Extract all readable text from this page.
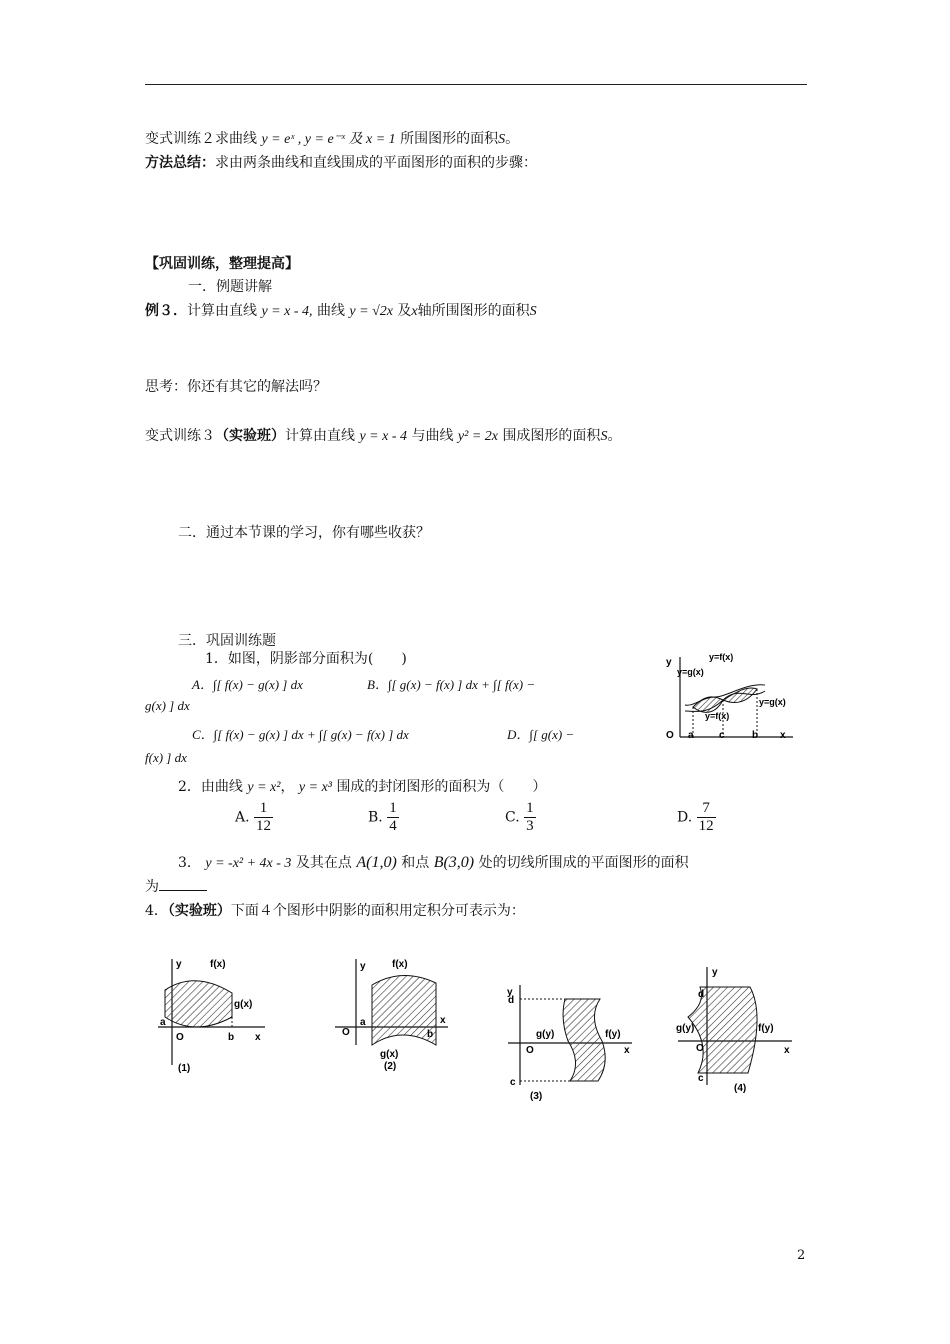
变式训练２求曲线 y = eˣ , y = e⁻ˣ 及 x = 1 所围图形的面积S。
方法总结：求由两条曲线和直线围成的平面图形的面积的步骤：
【巩固训练，整理提高】
一．例题讲解
例３．计算由直线 y = x - 4, 曲线 y = √2x 及x轴所围图形的面积S
思考：你还有其它的解法吗？
变式训练３（实验班）计算由直线 y = x - 4 与曲线 y² = 2x 围成图形的面积S。
二．通过本节课的学习，你有哪些收获？
三．巩固训练题
1．如图，阴影部分面积为(　　)
A．∫[ f(x) − g(x) ] dx	B．∫[ g(x) − f(x) ] dx + ∫[ f(x) −
g(x) ] dx
C．∫[ f(x) − g(x) ] dx + ∫[ g(x) − f(x) ] dx	D．∫[ g(x) −
f(x) ] dx
y	y=f(x)
y=g(x)
y=f(x)
y=g(x)
O a	c	b x
2．由曲线 y = x²， y = x³ 围成的封闭图形的面积为（　　）
A. $\frac{1}{12}$	B. $\frac{1}{4}$	C. $\frac{1}{3}$	D. $\frac{7}{12}$
3． y = -x² + 4x - 3 及其在点 A(1,0) 和点 B(3,0) 处的切线所围成的平面图形的面积
为
4．（实验班）下面４个图形中阴影的面积用定积分可表示为：
y	f(x)
g(x)
a
O	b x
(1)
y	f(x)
O
a
b
x
g(x)
(2)
y
d
g(y)	f(y)
O	x
c
(3)
y
d
g(y)	f(y)
O
c
x
(4)
2
